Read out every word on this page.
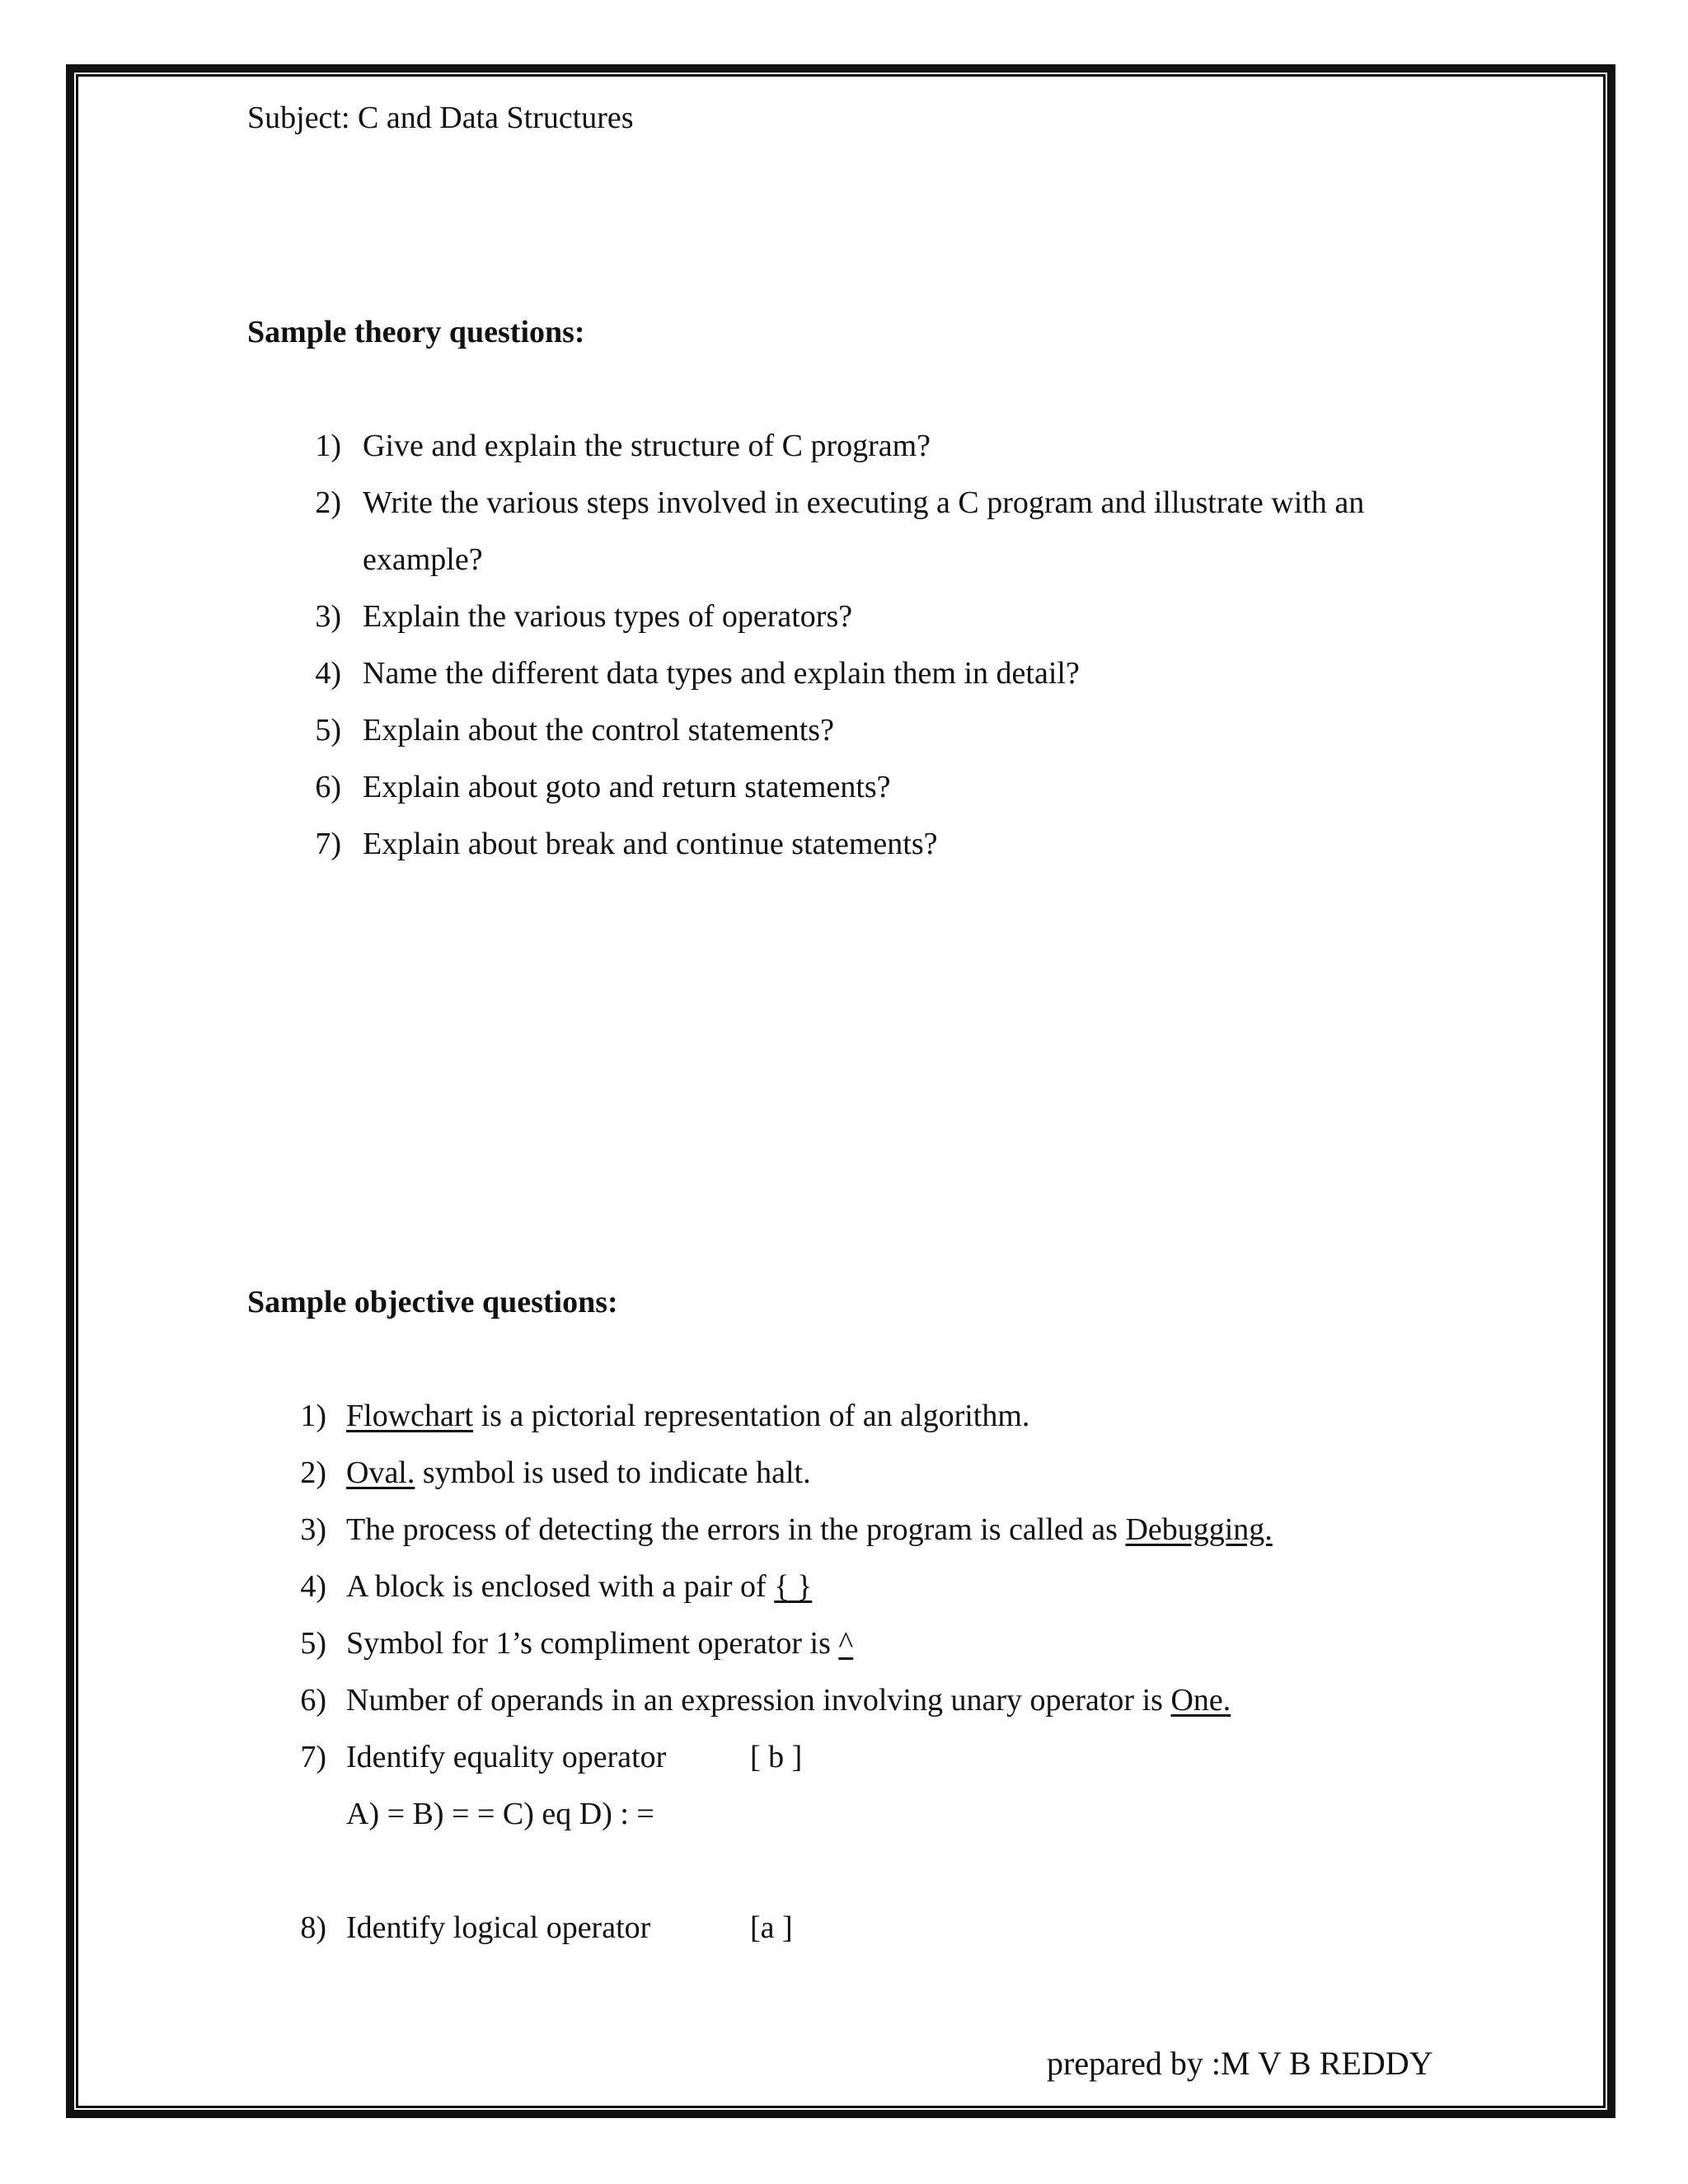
Subject: C and Data Structures
Sample theory questions:
1) Give and explain the structure of C program?
2) Write the various steps involved in executing a C program and illustrate with an
example?
3) Explain the various types of operators?
4) Name the different data types and explain them in detail?
5) Explain about the control statements?
6) Explain about goto and return statements?
7) Explain about break and continue statements?
Sample objective questions:
1) Flowchart is a pictorial representation of an algorithm.
2) Oval. symbol is used to indicate halt.
3) The process of detecting the errors in the program is called as Debugging.
4) A block is enclosed with a pair of { }
5) Symbol for 1’s compliment operator is ^
6) Number of operands in an expression involving unary operator is One.
7) Identify equality operator	[ b ]
A) = B) = = C) eq D) : =
8) Identify logical operator	[a ]
prepared by :M V B REDDY
